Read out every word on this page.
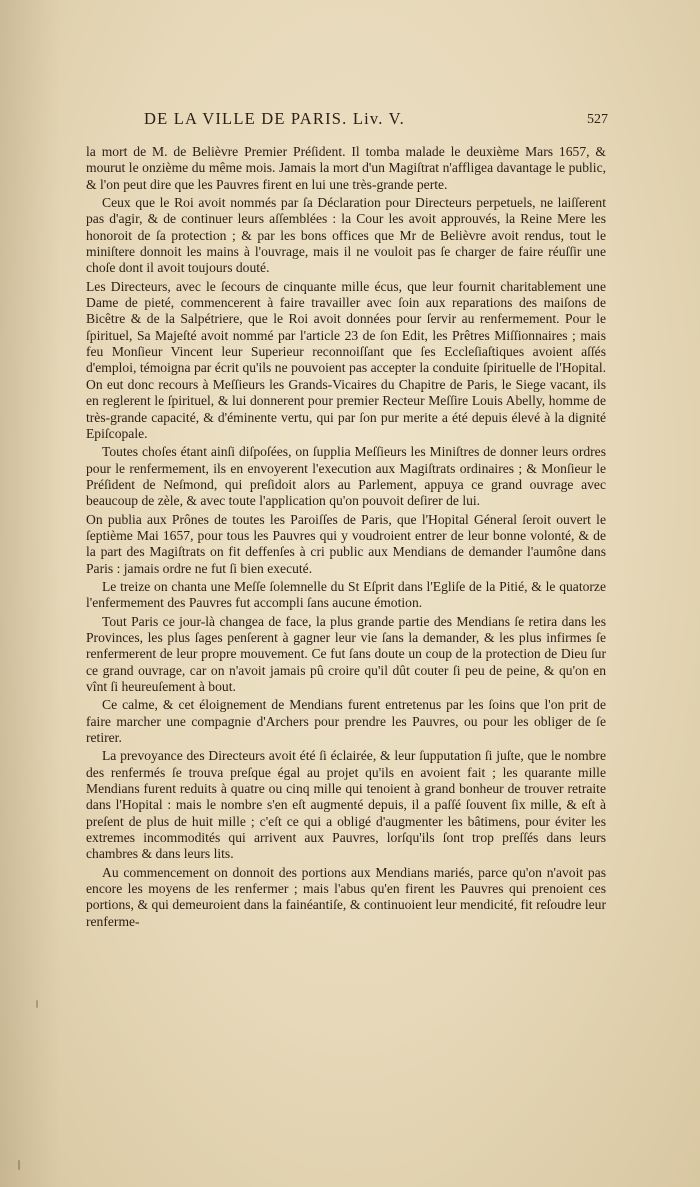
DE LA VILLE DE PARIS. Liv. V.	527

la mort de M. de Belièvre Premier Préſident. Il tomba malade le deuxième Mars 1657, & mourut le onzième du même mois. Jamais la mort d'un Magiſtrat n'affligea davantage le public, & l'on peut dire que les Pauvres firent en lui une très-grande perte.

Ceux que le Roi avoit nommés par ſa Déclaration pour Directeurs perpetuels, ne laiſſerent pas d'agir, & de continuer leurs aſſemblées : la Cour les avoit approuvés, la Reine Mere les honoroit de ſa protection ; & par les bons offices que Mr de Belièvre avoit rendus, tout le miniſtere donnoit les mains à l'ouvrage, mais il ne vouloit pas ſe charger de faire réuſſir une choſe dont il avoit toujours douté.

Les Directeurs, avec le ſecours de cinquante mille écus, que leur fournit charitablement une Dame de pieté, commencerent à faire travailler avec ſoin aux reparations des maiſons de Bicêtre & de la Salpétriere, que le Roi avoit données pour ſervir au renfermement. Pour le ſpirituel, Sa Majeſté avoit nommé par l'article 23 de ſon Edit, les Prêtres Miſſionnaires ; mais feu Monſieur Vincent leur Superieur reconnoiſſant que ſes Eccleſiaſtiques avoient aſſés d'emploi, témoigna par écrit qu'ils ne pouvoient pas accepter la conduite ſpirituelle de l'Hopital. On eut donc recours à Meſſieurs les Grands-Vicaires du Chapitre de Paris, le Siege vacant, ils en reglerent le ſpirituel, & lui donnerent pour premier Recteur Meſſire Louis Abelly, homme de très-grande capacité, & d'éminente vertu, qui par ſon pur merite a été depuis élevé à la dignité Epiſcopale.

Toutes choſes étant ainſi diſpoſées, on ſupplia Meſſieurs les Miniſtres de donner leurs ordres pour le renfermement, ils en envoyerent l'execution aux Magiſtrats ordinaires ; & Monſieur le Préſident de Neſmond, qui preſidoit alors au Parlement, appuya ce grand ouvrage avec beaucoup de zèle, & avec toute l'application qu'on pouvoit deſirer de lui.

On publia aux Prônes de toutes les Paroiſſes de Paris, que l'Hopital Géneral ſeroit ouvert le ſeptième Mai 1657, pour tous les Pauvres qui y voudroient entrer de leur bonne volonté, & de la part des Magiſtrats on fit deffenſes à cri public aux Mendians de demander l'aumône dans Paris : jamais ordre ne fut ſi bien executé.

Le treize on chanta une Meſſe ſolemnelle du St Eſprit dans l'Egliſe de la Pitié, & le quatorze l'enfermement des Pauvres fut accompli ſans aucune émotion.

Tout Paris ce jour-là changea de face, la plus grande partie des Mendians ſe retira dans les Provinces, les plus ſages penſerent à gagner leur vie ſans la demander, & les plus infirmes ſe renfermerent de leur propre mouvement. Ce fut ſans doute un coup de la protection de Dieu ſur ce grand ouvrage, car on n'avoit jamais pû croire qu'il dût couter ſi peu de peine, & qu'on en vînt ſi heureuſement à bout.

Ce calme, & cet éloignement de Mendians furent entretenus par les ſoins que l'on prit de faire marcher une compagnie d'Archers pour prendre les Pauvres, ou pour les obliger de ſe retirer.

La prevoyance des Directeurs avoit été ſi éclairée, & leur ſupputation ſi juſte, que le nombre des renfermés ſe trouva preſque égal au projet qu'ils en avoient fait ; les quarante mille Mendians furent reduits à quatre ou cinq mille qui tenoient à grand bonheur de trouver retraite dans l'Hopital : mais le nombre s'en eſt augmenté depuis, il a paſſé ſouvent ſix mille, & eſt à preſent de plus de huit mille ; c'eſt ce qui a obligé d'augmenter les bâtimens, pour éviter les extremes incommodités qui arrivent aux Pauvres, lorſqu'ils ſont trop preſſés dans leurs chambres & dans leurs lits.

Au commencement on donnoit des portions aux Mendians mariés, parce qu'on n'avoit pas encore les moyens de les renfermer ; mais l'abus qu'en firent les Pauvres qui prenoient ces portions, & qui demeuroient dans la fainéantiſe, & continuoient leur mendicité, fit reſoudre leur renferme-
